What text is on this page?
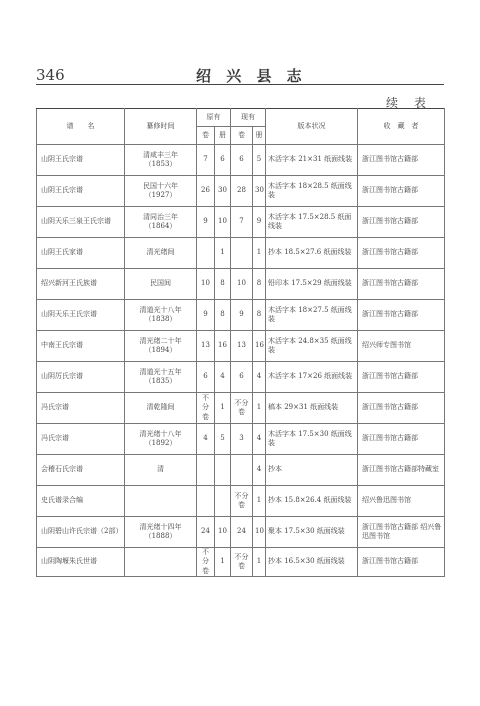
346	绍 兴 县 志
续 表
谱　　名	纂修时间	原有		现有		版本状况	收　藏　者
		卷	册	卷	册		
山阴王氏宗谱	清咸丰三年
（1853）	7	6	6	5	木活字本 21×31 纸面线装	浙江图书馆古籍部
山阴王氏宗谱	民国十六年
（1927）	26	30	28	30	木活字本 18×28.5 纸面线装	浙江图书馆古籍部
山阴天乐三泉王氏宗谱	清同治三年
（1864）	9	10	7	9	木活字本 17.5×28.5 纸面线装	浙江图书馆古籍部
山阴王氏家谱	清光绪间		1		1	抄本 18.5×27.6 纸面线装	浙江图书馆古籍部
绍兴新河王氏族谱	民国间	10	8	10	8	铅印本 17.5×29 纸面线装	浙江图书馆古籍部
山阴天乐王氏宗谱	清道光十八年
（1838）	9	8	9	8	木活字本 18×27.5 纸面线装	浙江图书馆古籍部
中南王氏宗谱	清光绪二十年
（1894）	13	16	13	16	木活字本 24.8×35 纸面线装	绍兴师专图书馆
山阴厉氏宗谱	清道光十五年
（1835）	6	4	6	4	木活字本 17×26 纸面线装	浙江图书馆古籍部
冯氏宗谱	清乾隆间	不分卷	1	不分卷	1	稿本 29×31 纸面线装	浙江图书馆古籍部
冯氏宗谱	清光绪十八年
（1892）	4	5	3	4	木活字本 17.5×30 纸面线装	浙江图书馆古籍部
会稽石氏宗谱	清				4	抄本	浙江图书馆古籍部特藏室
史氏谱录合编				不分卷	1	抄本 15.8×26.4 纸面线装	绍兴鲁迅图书馆
山阴碧山许氏宗谱（2部）	清光绪十四年
（1888）	24	10	24	10	聚本 17.5×30 纸面线装	浙江图书馆古籍部 绍兴鲁迅图书馆
山阴陶堰朱氏世谱		不分卷	1	不分卷	1	抄本 16.5×30 纸面线装	浙江图书馆古籍部
